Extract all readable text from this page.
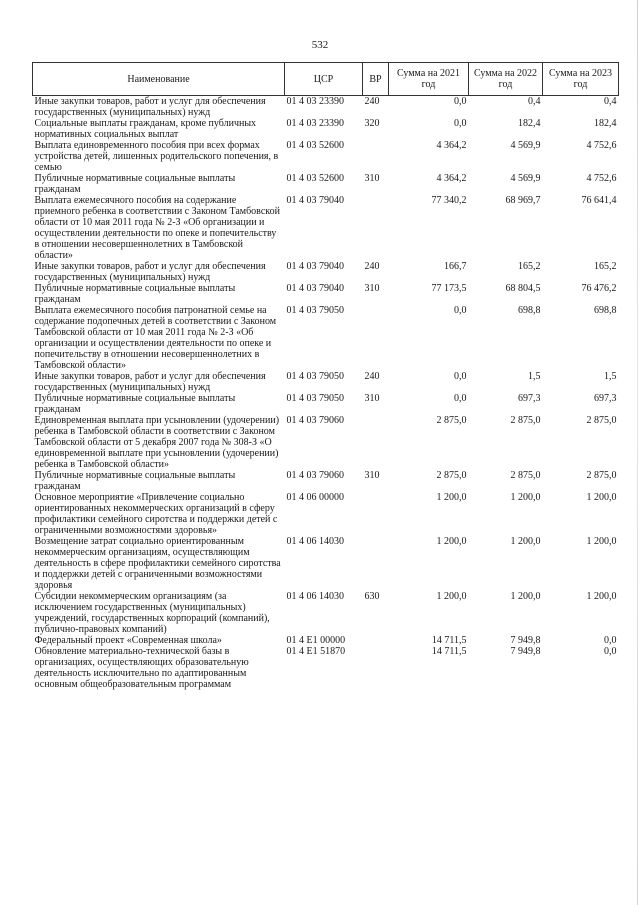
532
Наименование	ЦСР	ВР	Сумма на 2021 год	Сумма на 2022 год	Сумма на 2023 год
Иные закупки товаров, работ и услуг для обеспечения государственных (муниципальных) нужд	01 4 03 23390	240	0,0	0,4	0,4
Социальные выплаты гражданам, кроме публичных нормативных социальных выплат	01 4 03 23390	320	0,0	182,4	182,4
Выплата единовременного пособия при всех формах устройства детей, лишенных родительского попечения, в семью	01 4 03 52600		4 364,2	4 569,9	4 752,6
Публичные нормативные социальные выплаты гражданам	01 4 03 52600	310	4 364,2	4 569,9	4 752,6
Выплата ежемесячного пособия на содержание приемного ребенка в соответствии с Законом Тамбовской области от 10 мая 2011 года № 2-З «Об организации и осуществлении деятельности по опеке и попечительству в отношении несовершеннолетних в Тамбовской области»	01 4 03 79040		77 340,2	68 969,7	76 641,4
Иные закупки товаров, работ и услуг для обеспечения государственных (муниципальных) нужд	01 4 03 79040	240	166,7	165,2	165,2
Публичные нормативные социальные выплаты гражданам	01 4 03 79040	310	77 173,5	68 804,5	76 476,2
Выплата ежемесячного пособия патронатной семье на содержание подопечных детей в соответствии с Законом Тамбовской области от 10 мая 2011 года № 2-З «Об организации и осуществлении деятельности по опеке и попечительству в отношении несовершеннолетних в Тамбовской области»	01 4 03 79050		0,0	698,8	698,8
Иные закупки товаров, работ и услуг для обеспечения государственных (муниципальных) нужд	01 4 03 79050	240	0,0	1,5	1,5
Публичные нормативные социальные выплаты гражданам	01 4 03 79050	310	0,0	697,3	697,3
Единовременная выплата при усыновлении (удочерении) ребенка в Тамбовской области в соответствии с Законом Тамбовской области от 5 декабря 2007 года № 308-З «О единовременной выплате при усыновлении (удочерении) ребенка в Тамбовской области»	01 4 03 79060		2 875,0	2 875,0	2 875,0
Публичные нормативные социальные выплаты гражданам	01 4 03 79060	310	2 875,0	2 875,0	2 875,0
Основное мероприятие «Привлечение социально ориентированных некоммерческих организаций в сферу профилактики семейного сиротства и поддержки детей с ограниченными возможностями здоровья»	01 4 06 00000		1 200,0	1 200,0	1 200,0
Возмещение затрат социально ориентированным некоммерческим организациям, осуществляющим деятельность в сфере профилактики семейного сиротства и поддержки детей с ограниченными возможностями здоровья	01 4 06 14030		1 200,0	1 200,0	1 200,0
Субсидии некоммерческим организациям (за исключением государственных (муниципальных) учреждений, государственных корпораций (компаний), публично-правовых компаний)	01 4 06 14030	630	1 200,0	1 200,0	1 200,0
Федеральный проект «Современная школа»	01 4 E1 00000		14 711,5	7 949,8	0,0
Обновление материально-технической базы в организациях, осуществляющих образовательную деятельность исключительно по адаптированным основным общеобразовательным программам	01 4 E1 51870		14 711,5	7 949,8	0,0
